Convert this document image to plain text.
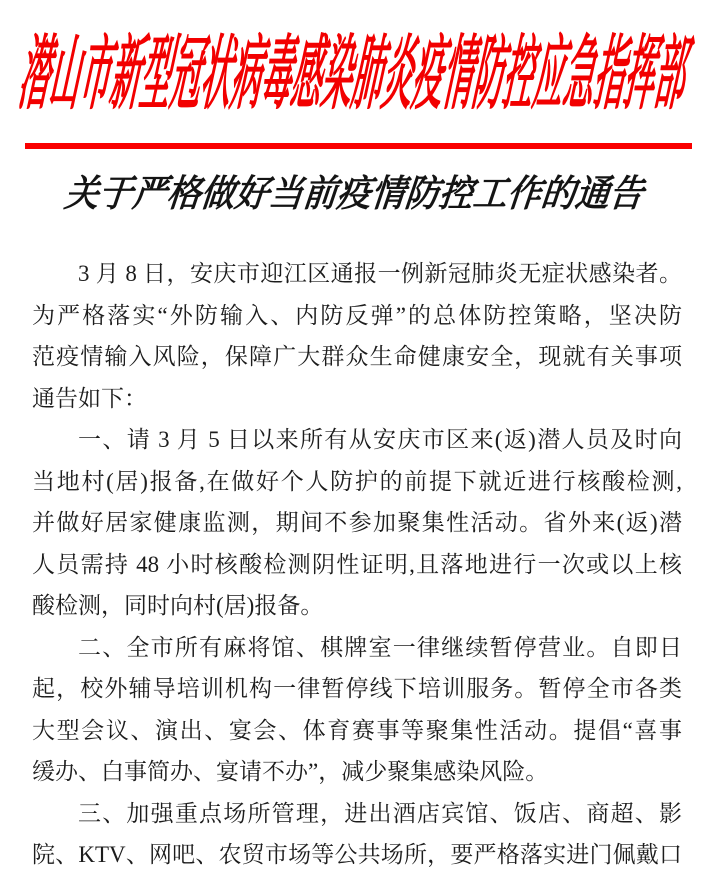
潜山市新型冠状病毒感染肺炎疫情防控应急指挥部
关于严格做好当前疫情防控工作的通告
3 月 8 日，安庆市迎江区通报一例新冠肺炎无症状感染者。
为严格落实“外防输入、内防反弹”的总体防控策略，坚决防
范疫情输入风险，保障广大群众生命健康安全，现就有关事项
通告如下：
一、请 3 月 5 日以来所有从安庆市区来(返)潜人员及时向
当地村(居)报备,在做好个人防护的前提下就近进行核酸检测,
并做好居家健康监测，期间不参加聚集性活动。省外来(返)潜
人员需持 48 小时核酸检测阴性证明,且落地进行一次或以上核
酸检测，同时向村(居)报备。
二、全市所有麻将馆、棋牌室一律继续暂停营业。自即日
起，校外辅导培训机构一律暂停线下培训服务。暂停全市各类
大型会议、演出、宴会、体育赛事等聚集性活动。提倡“喜事
缓办、白事简办、宴请不办”，减少聚集感染风险。
三、加强重点场所管理，进出酒店宾馆、饭店、商超、影
院、KTV、网吧、农贸市场等公共场所，要严格落实进门佩戴口
